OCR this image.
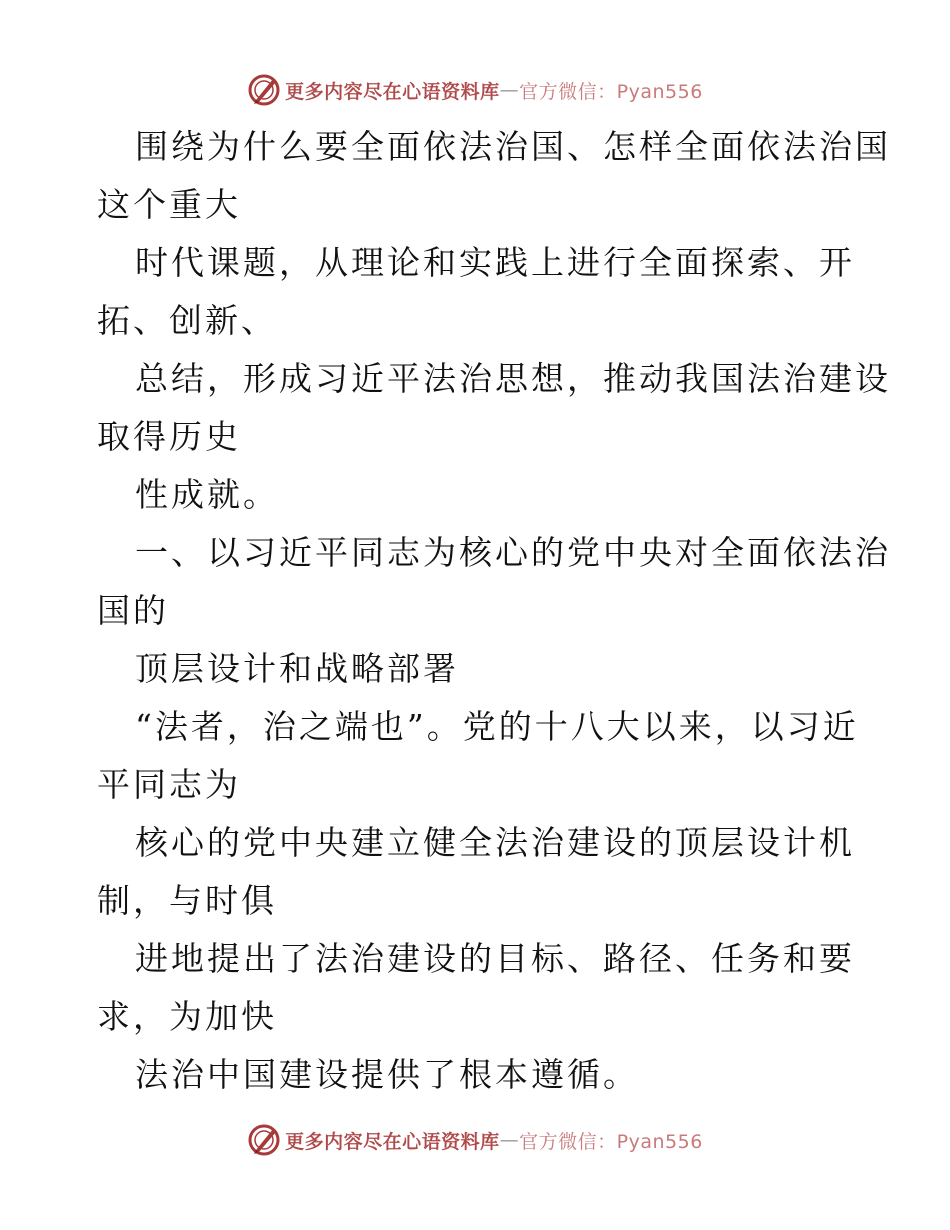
更多内容尽在心语资料库 — 官方微信：Pyan556
围绕为什么要全面依法治国、怎样全面依法治国
这个重大
时代课题，从理论和实践上进行全面探索、开
拓、创新、
总结，形成习近平法治思想，推动我国法治建设
取得历史
性成就。
一、以习近平同志为核心的党中央对全面依法治
国的
顶层设计和战略部署
“法者，治之端也”。党的十八大以来，以习近
平同志为
核心的党中央建立健全法治建设的顶层设计机
制，与时俱
进地提出了法治建设的目标、路径、任务和要
求，为加快
法治中国建设提供了根本遵循。
更多内容尽在心语资料库 — 官方微信：Pyan556
